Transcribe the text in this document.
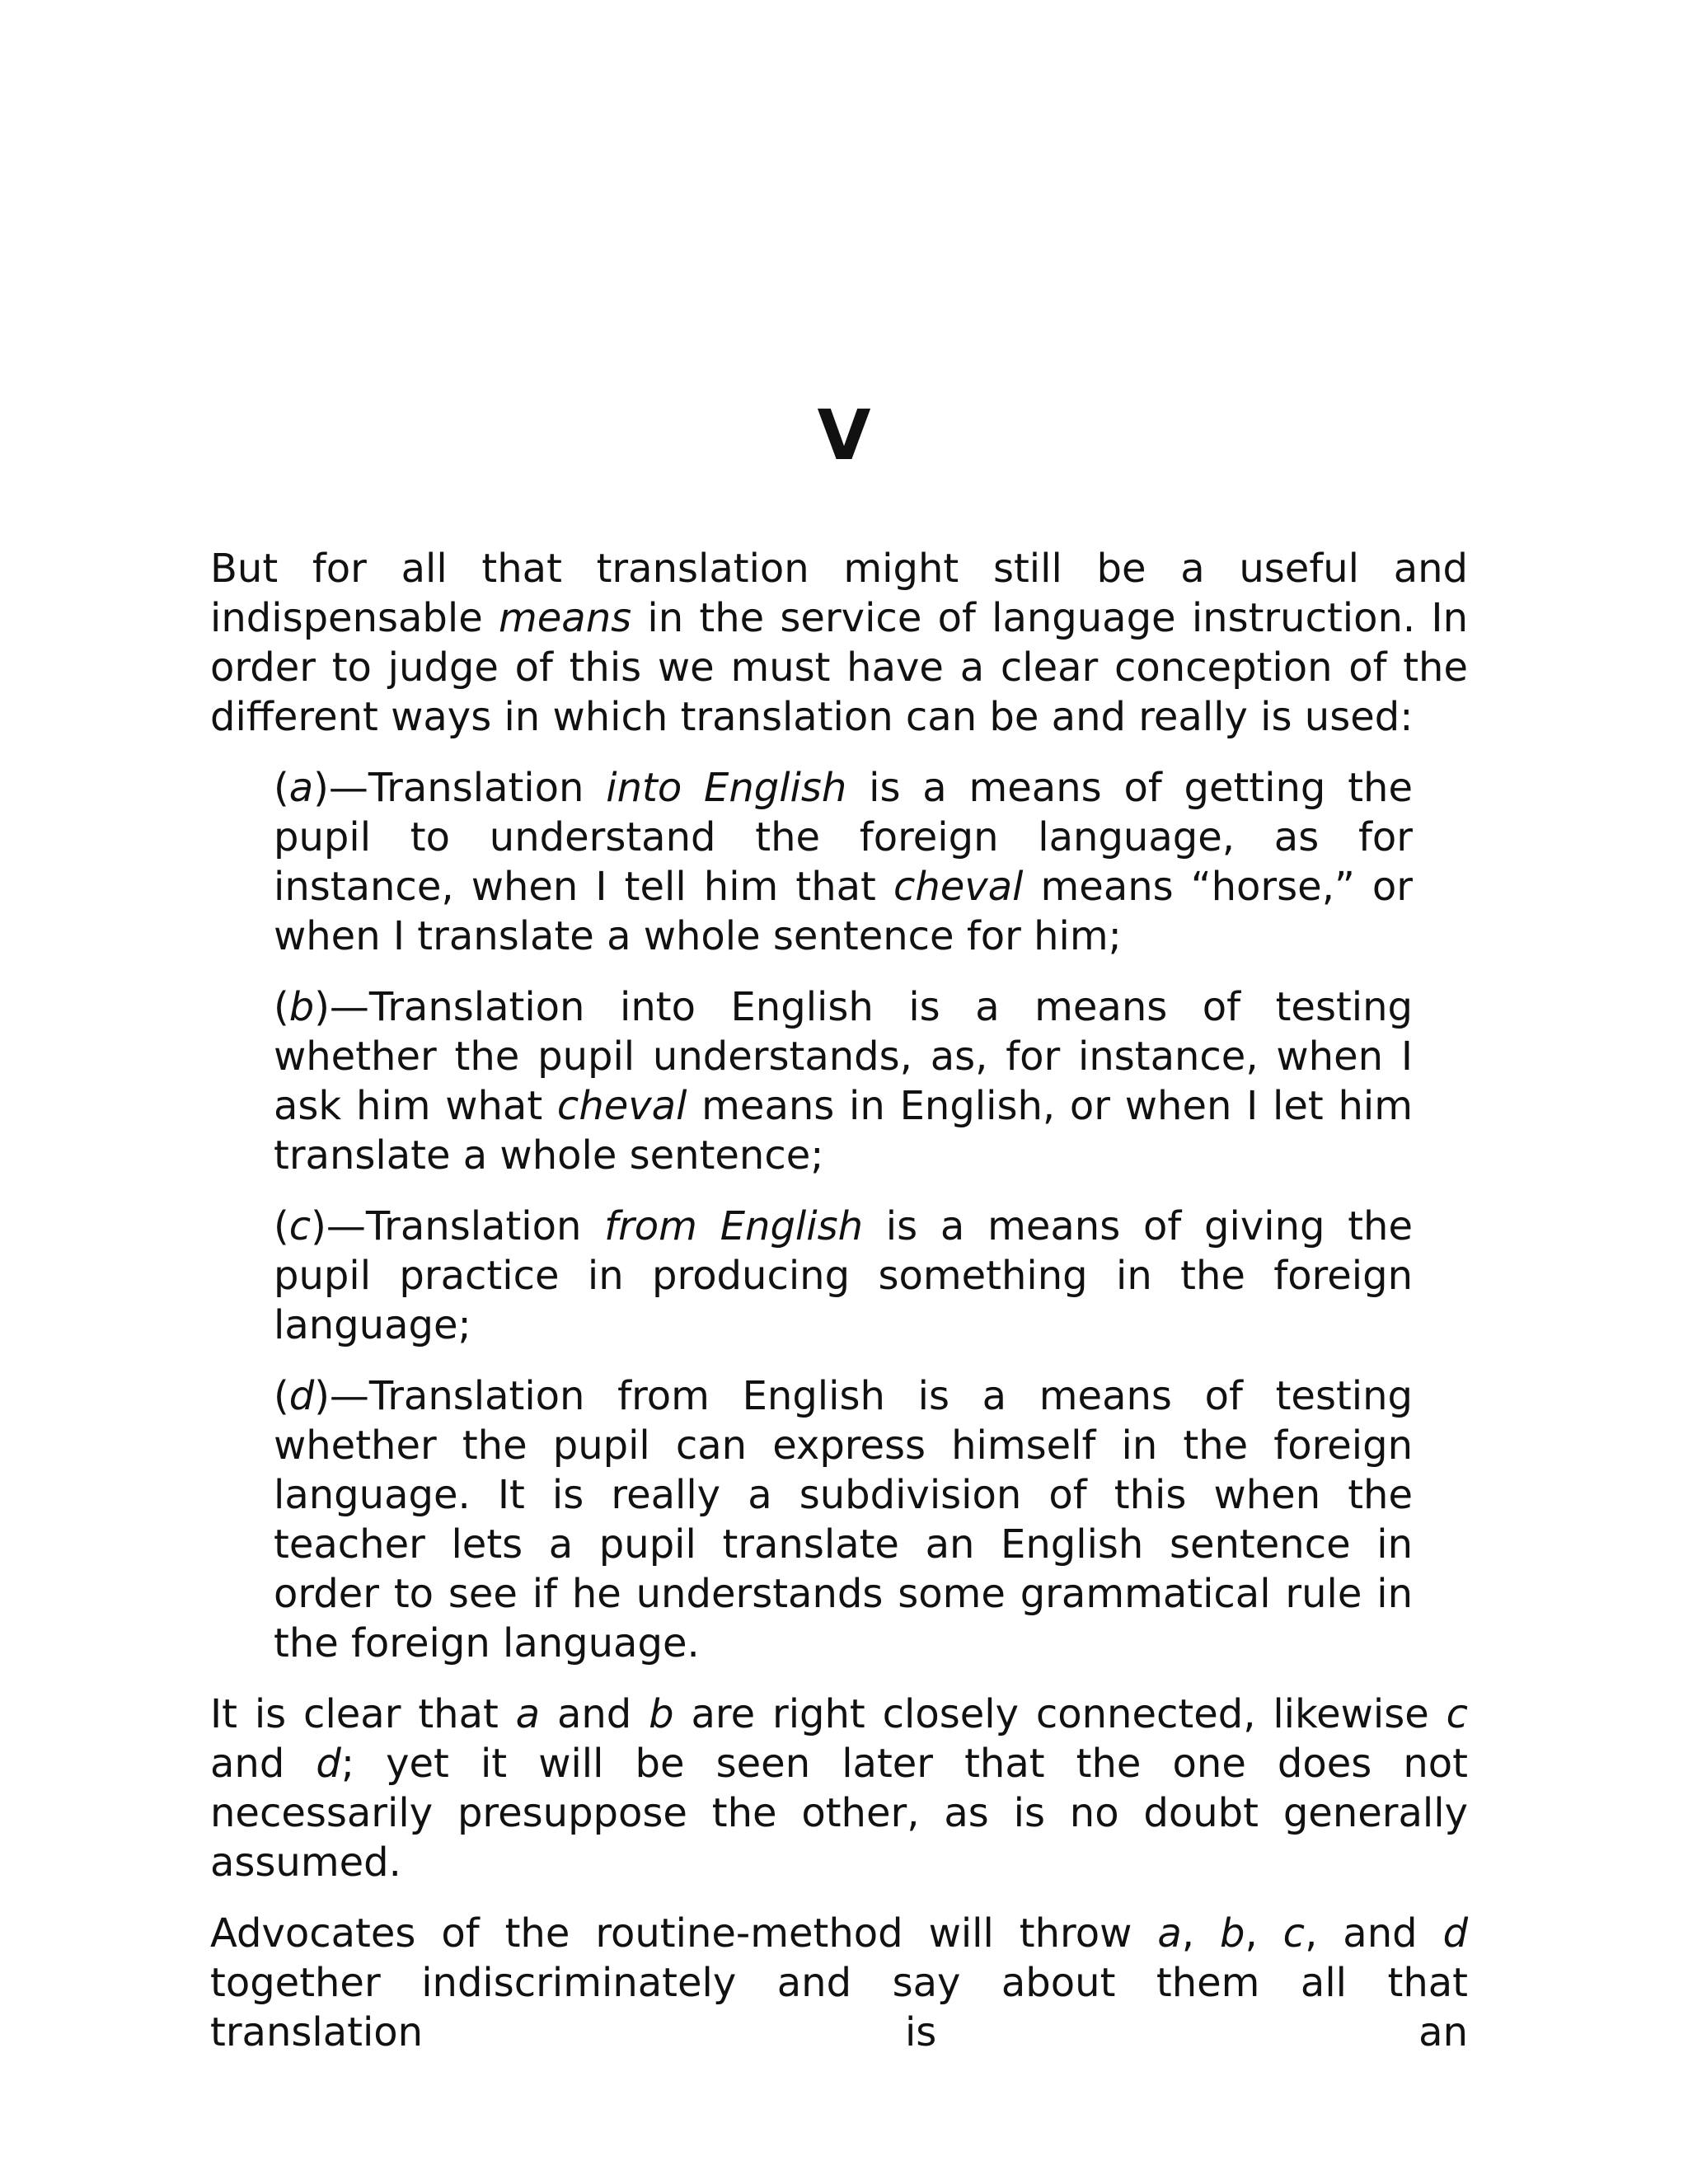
V

But for all that translation might still be a useful and indispensable means in the service of language instruction. In order to judge of this we must have a clear conception of the different ways in which translation can be and really is used:

(a)—Translation into English is a means of getting the pupil to understand the foreign language, as for instance, when I tell him that cheval means “horse,” or when I translate a whole sentence for him;

(b)—Translation into English is a means of testing whether the pupil understands, as, for instance, when I ask him what cheval means in English, or when I let him translate a whole sentence;

(c)—Translation from English is a means of giving the pupil practice in producing something in the foreign language;

(d)—Translation from English is a means of testing whether the pupil can express himself in the foreign language. It is really a subdivision of this when the teacher lets a pupil translate an English sentence in order to see if he understands some grammatical rule in the foreign language.

It is clear that a and b are right closely connected, likewise c and d; yet it will be seen later that the one does not necessarily presuppose the other, as is no doubt generally assumed.

Advocates of the routine-method will throw a, b, c, and d together indiscriminately and say about them all that translation is an
